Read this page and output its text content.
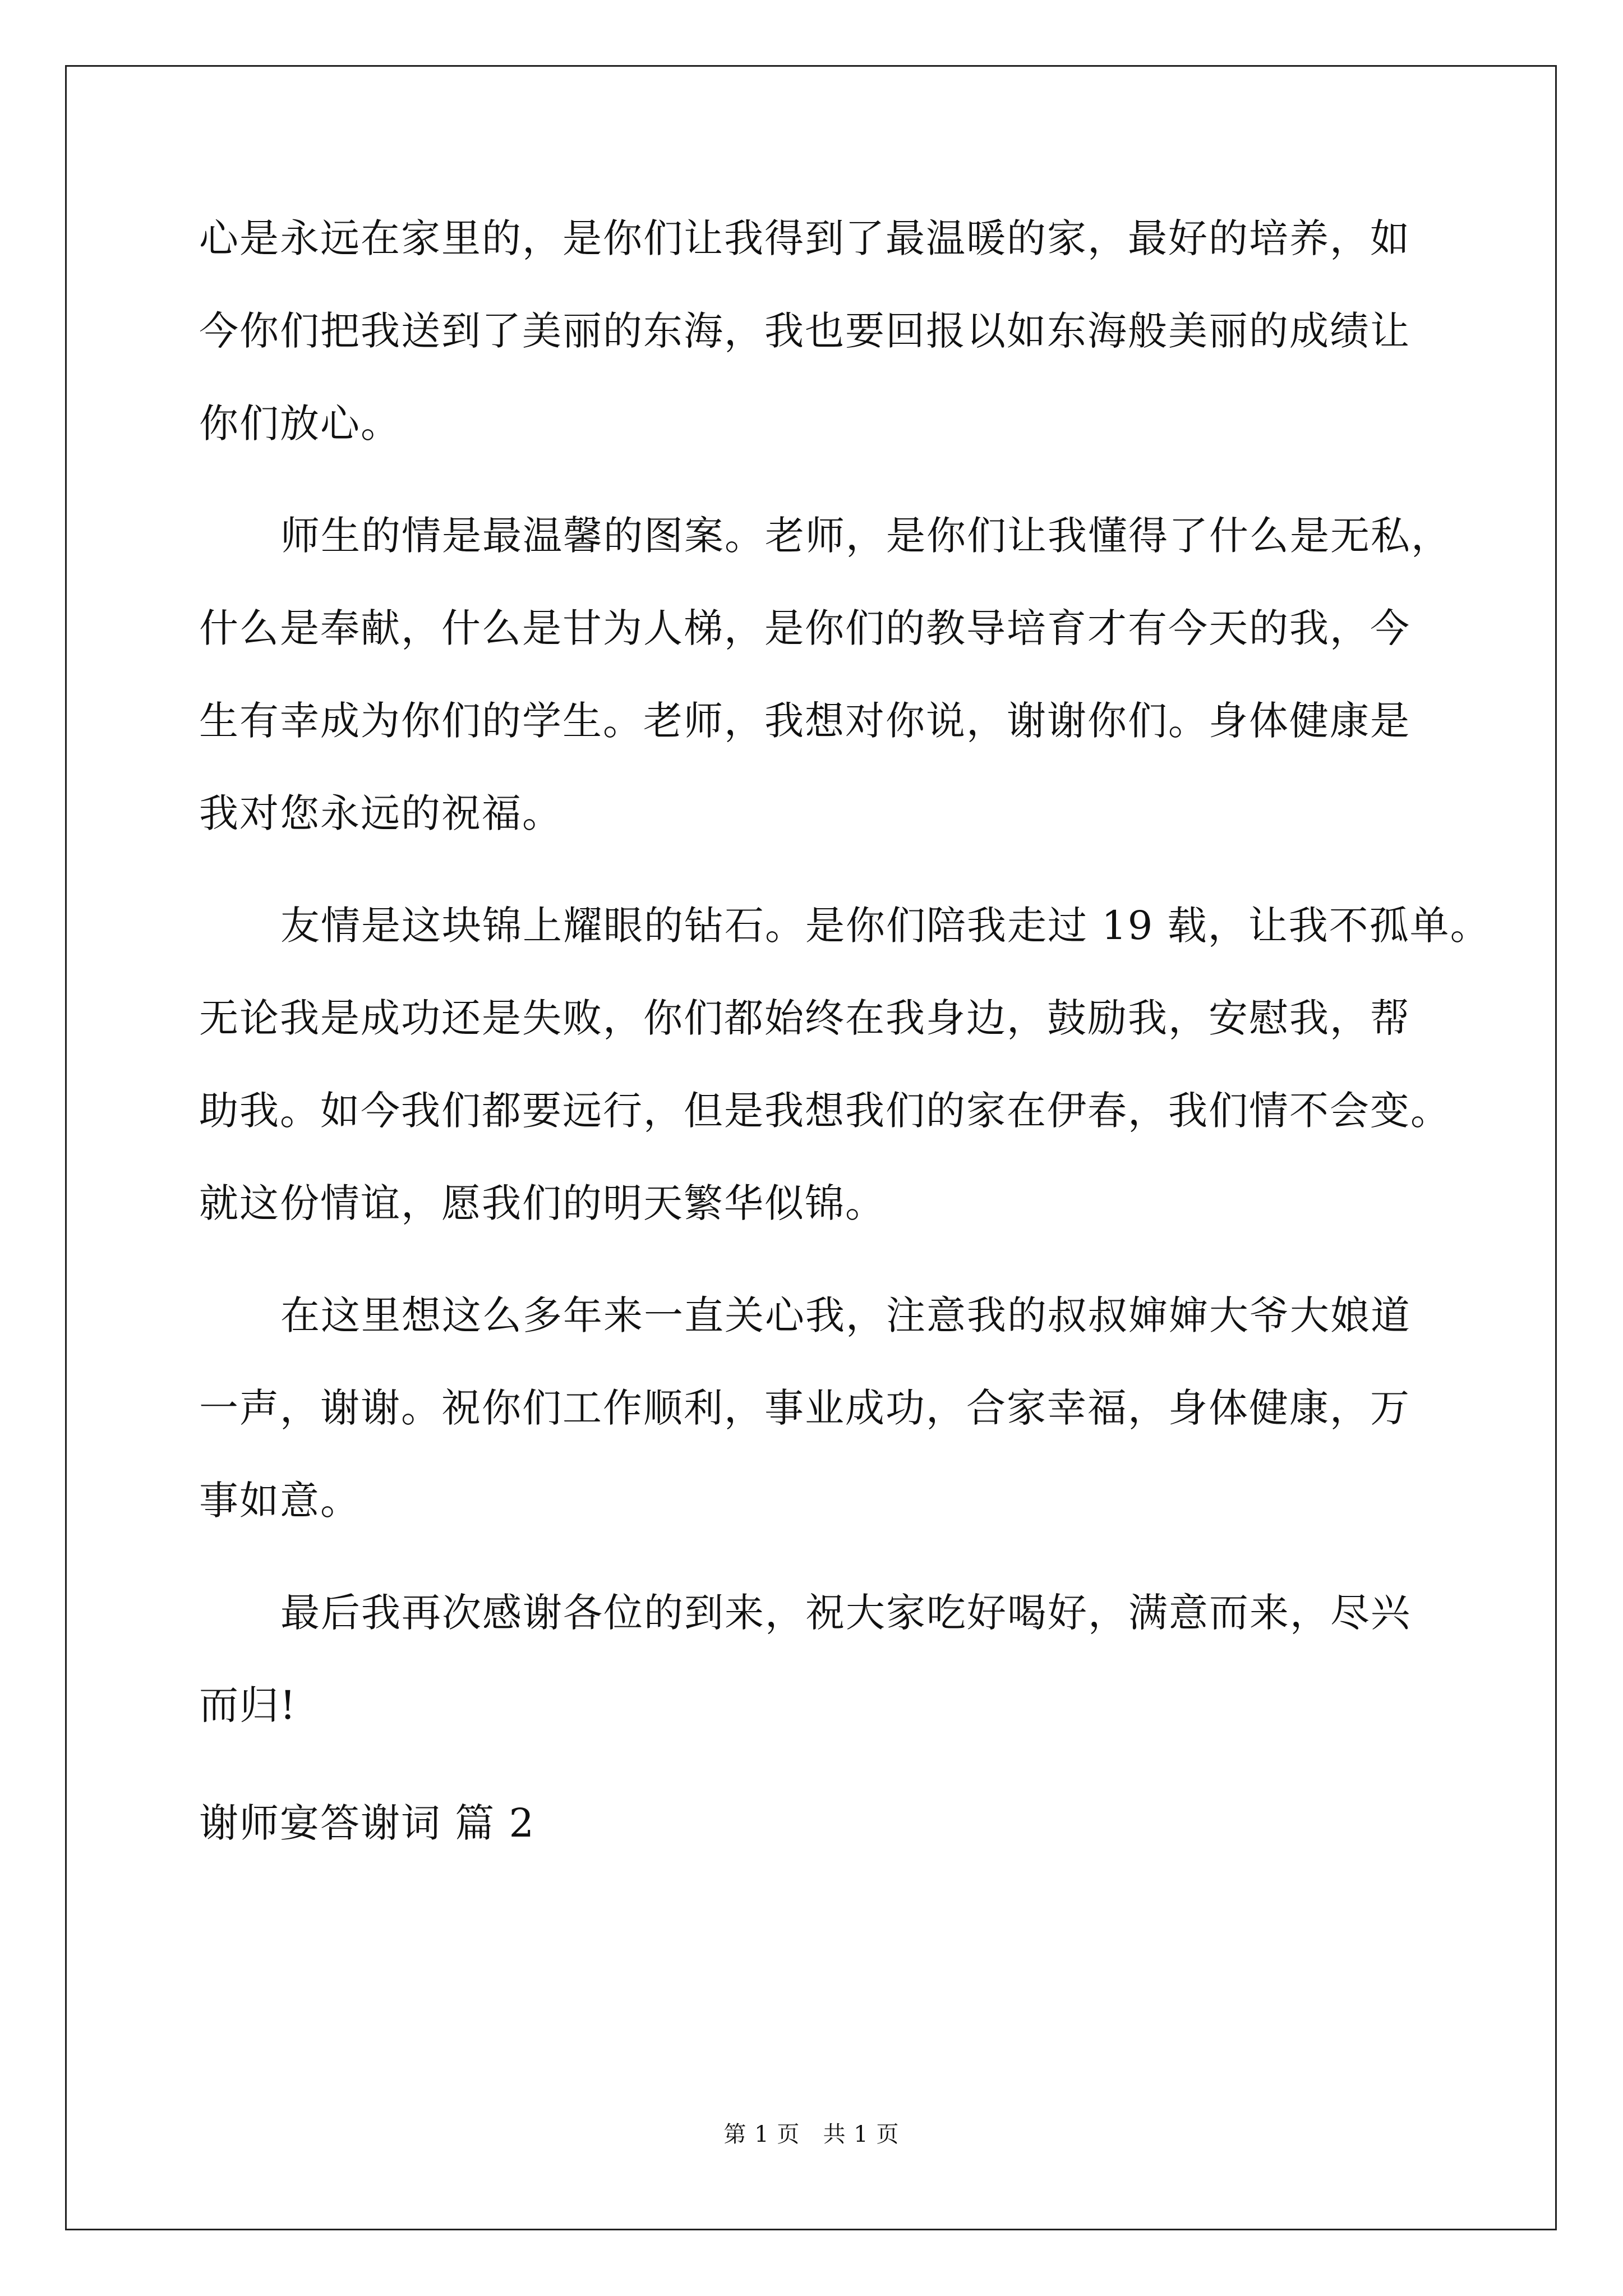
心是永远在家里的，是你们让我得到了最温暖的家，最好的培养，如
今你们把我送到了美丽的东海，我也要回报以如东海般美丽的成绩让
你们放心。
师生的情是最温馨的图案。老师，是你们让我懂得了什么是无私，
什么是奉献，什么是甘为人梯，是你们的教导培育才有今天的我，今
生有幸成为你们的学生。老师，我想对你说，谢谢你们。身体健康是
我对您永远的祝福。
友情是这块锦上耀眼的钻石。是你们陪我走过 19 载，让我不孤单。
无论我是成功还是失败，你们都始终在我身边，鼓励我，安慰我，帮
助我。如今我们都要远行，但是我想我们的家在伊春，我们情不会变。
就这份情谊，愿我们的明天繁华似锦。
在这里想这么多年来一直关心我，注意我的叔叔婶婶大爷大娘道
一声，谢谢。祝你们工作顺利，事业成功，合家幸福，身体健康，万
事如意。
最后我再次感谢各位的到来，祝大家吃好喝好，满意而来，尽兴
而归!
谢师宴答谢词 篇 2
第 1 页   共 1 页
